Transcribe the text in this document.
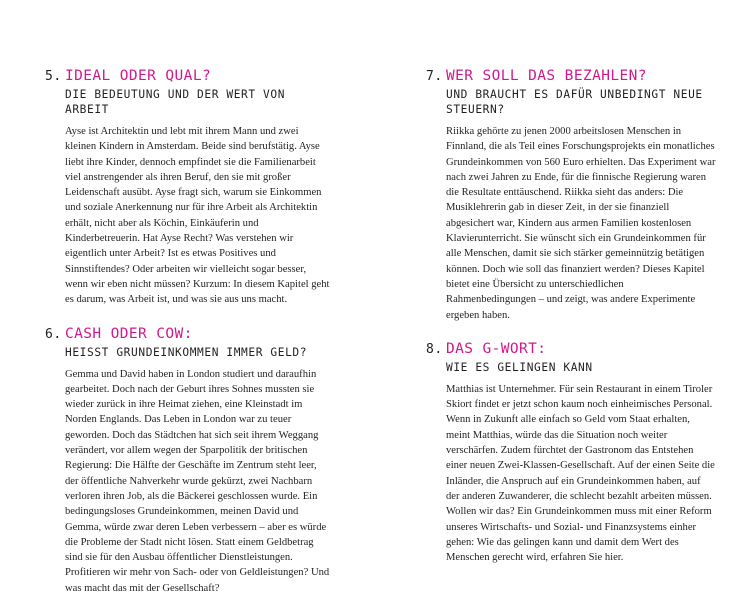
5. IDEAL ODER QUAL?
DIE BEDEUTUNG UND DER WERT VON ARBEIT

Ayse ist Architektin und lebt mit ihrem Mann und zwei kleinen Kindern in Amsterdam. Beide sind berufstätig. Ayse liebt ihre Kinder, dennoch empfindet sie die Familienarbeit viel anstrengender als ihren Beruf, den sie mit großer Leidenschaft ausübt. Ayse fragt sich, warum sie Einkommen und soziale Anerkennung nur für ihre Arbeit als Architektin erhält, nicht aber als Köchin, Einkäuferin und Kinderbetreuerin. Hat Ayse Recht? Was verstehen wir eigentlich unter Arbeit? Ist es etwas Positives und Sinnstiftendes? Oder arbeiten wir vielleicht sogar besser, wenn wir eben nicht müssen? Kurzum: In diesem Kapitel geht es darum, was Arbeit ist, und was sie aus uns macht.

6. CASH ODER COW:
HEISST GRUNDEINKOMMEN IMMER GELD?

Gemma und David haben in London studiert und daraufhin gearbeitet. Doch nach der Geburt ihres Sohnes mussten sie wieder zurück in ihre Heimat ziehen, eine Kleinstadt im Norden Englands. Das Leben in London war zu teuer geworden. Doch das Städtchen hat sich seit ihrem Weggang verändert, vor allem wegen der Sparpolitik der britischen Regierung: Die Hälfte der Geschäfte im Zentrum steht leer, der öffentliche Nahverkehr wurde gekürzt, zwei Nachbarn verloren ihren Job, als die Bäckerei geschlossen wurde. Ein bedingungsloses Grundeinkommen, meinen David und Gemma, würde zwar deren Leben verbessern – aber es würde die Probleme der Stadt nicht lösen. Statt einem Geldbetrag sind sie für den Ausbau öffentlicher Dienstleistungen. Profitieren wir mehr von Sach- oder von Geldleistungen? Und was macht das mit der Gesellschaft?

7. WER SOLL DAS BEZAHLEN?
UND BRAUCHT ES DAFÜR UNBEDINGT NEUE STEUERN?

Riikka gehörte zu jenen 2000 arbeitslosen Menschen in Finnland, die als Teil eines Forschungsprojekts ein monatliches Grundeinkommen von 560 Euro erhielten. Das Experiment war nach zwei Jahren zu Ende, für die finnische Regierung waren die Resultate enttäuschend. Riikka sieht das anders: Die Musiklehrerin gab in dieser Zeit, in der sie finanziell abgesichert war, Kindern aus armen Familien kostenlosen Klavierunterricht. Sie wünscht sich ein Grundeinkommen für alle Menschen, damit sie sich stärker gemeinnützig betätigen können. Doch wie soll das finanziert werden? Dieses Kapitel bietet eine Übersicht zu unterschiedlichen Rahmenbedingungen – und zeigt, was andere Experimente ergeben haben.

8. DAS G-WORT:
WIE ES GELINGEN KANN

Matthias ist Unternehmer. Für sein Restaurant in einem Tiroler Skiort findet er jetzt schon kaum noch einheimisches Personal. Wenn in Zukunft alle einfach so Geld vom Staat erhalten, meint Matthias, würde das die Situation noch weiter verschärfen. Zudem fürchtet der Gastronom das Entstehen einer neuen Zwei-Klassen-Gesellschaft. Auf der einen Seite die Inländer, die Anspruch auf ein Grundeinkommen haben, auf der anderen Zuwanderer, die schlecht bezahlt arbeiten müssen. Wollen wir das? Ein Grundeinkommen muss mit einer Reform unseres Wirtschafts- und Sozial- und Finanzsystems einher gehen: Wie das gelingen kann und damit dem Wert des Menschen gerecht wird, erfahren Sie hier.
